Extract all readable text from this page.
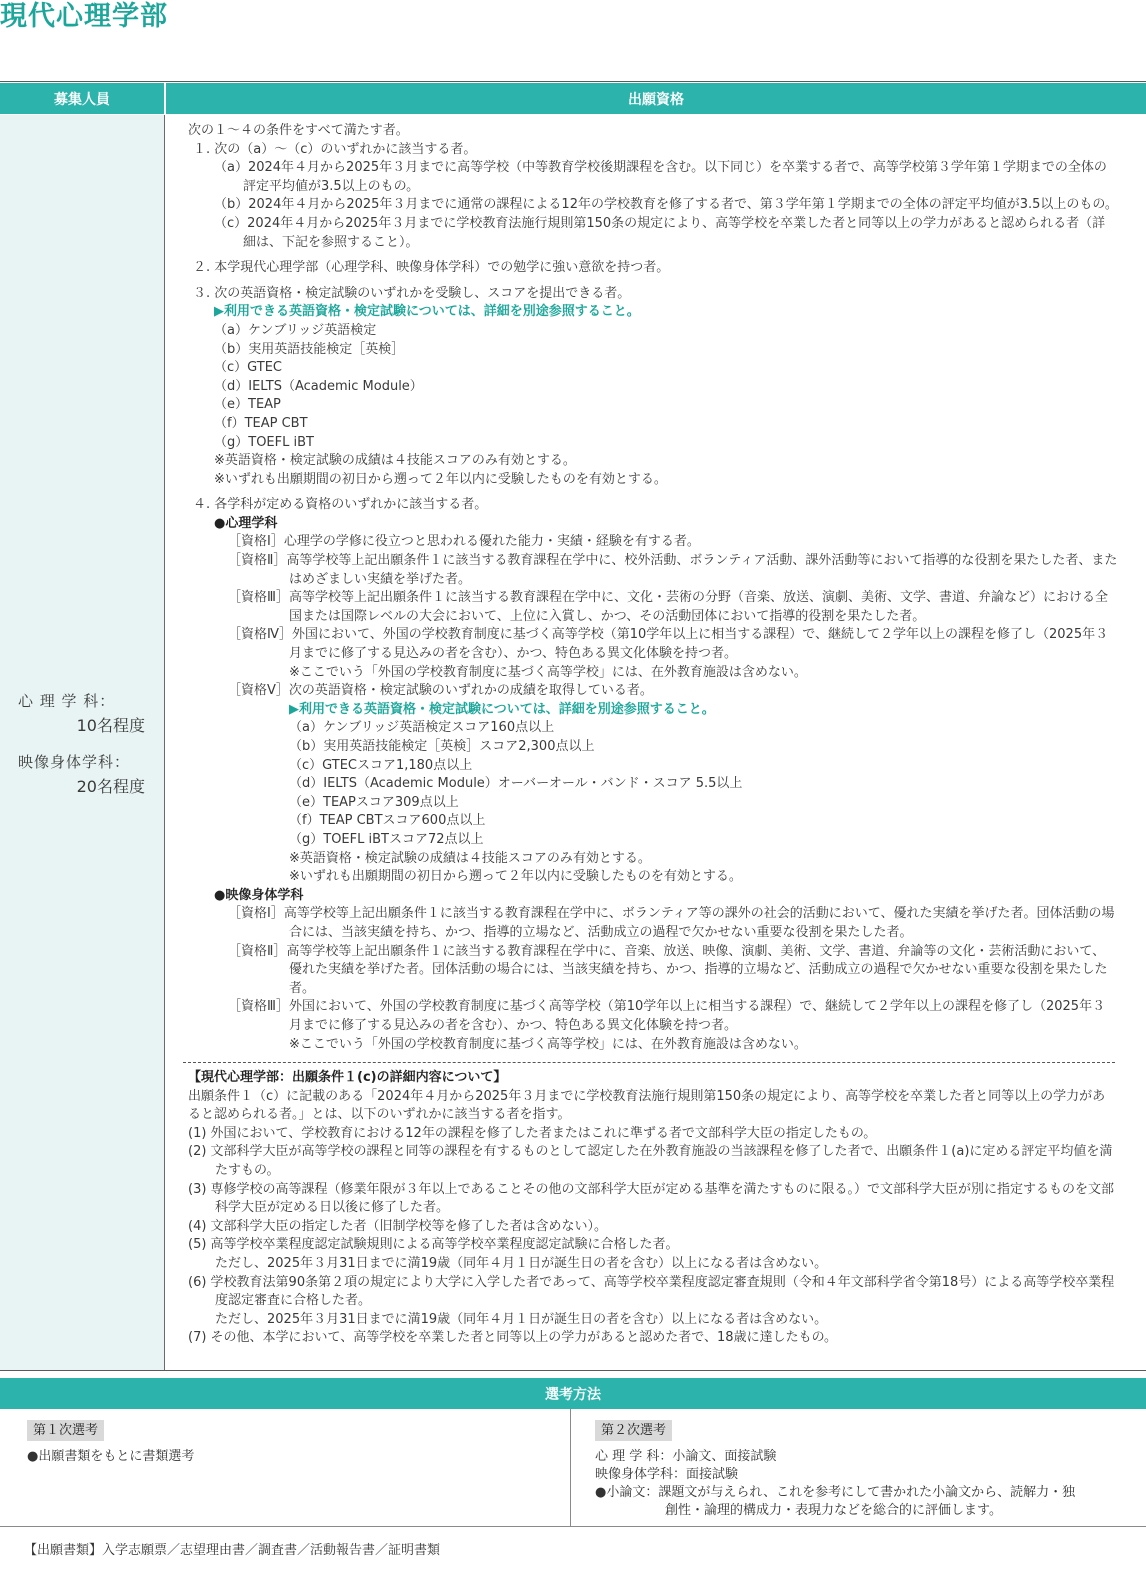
現代心理学部
募集人員	出願資格
心 理 学 科：
10名程度
映像身体学科：
20名程度

次の１～４の条件をすべて満たす者。

１. 次の（a）～（c）のいずれかに該当する者。

（a）2024年４月から2025年３月までに高等学校（中等教育学校後期課程を含む。以下同じ）を卒業する者で、高等学校第３学年第１学期までの全体の評定平均値が3.5以上のもの。

（b）2024年４月から2025年３月までに通常の課程による12年の学校教育を修了する者で、第３学年第１学期までの全体の評定平均値が3.5以上のもの。

（c）2024年４月から2025年３月までに学校教育法施行規則第150条の規定により、高等学校を卒業した者と同等以上の学力があると認められる者（詳細は、下記を参照すること）。

２. 本学現代心理学部（心理学科、映像身体学科）での勉学に強い意欲を持つ者。

３. 次の英語資格・検定試験のいずれかを受験し、スコアを提出できる者。

▶利用できる英語資格・検定試験については、詳細を別途参照すること。

（a）ケンブリッジ英語検定

（b）実用英語技能検定［英検］

（c）GTEC

（d）IELTS（Academic Module）

（e）TEAP

（f）TEAP CBT

（g）TOEFL iBT

※英語資格・検定試験の成績は４技能スコアのみ有効とする。

※いずれも出願期間の初日から遡って２年以内に受験したものを有効とする。

４. 各学科が定める資格のいずれかに該当する者。

●心理学科

［資格Ⅰ］心理学の学修に役立つと思われる優れた能力・実績・経験を有する者。

［資格Ⅱ］高等学校等上記出願条件１に該当する教育課程在学中に、校外活動、ボランティア活動、課外活動等において指導的な役割を果たした者、またはめざましい実績を挙げた者。

［資格Ⅲ］高等学校等上記出願条件１に該当する教育課程在学中に、文化・芸術の分野（音楽、放送、演劇、美術、文学、書道、弁論など）における全国または国際レベルの大会において、上位に入賞し、かつ、その活動団体において指導的役割を果たした者。

［資格Ⅳ］外国において、外国の学校教育制度に基づく高等学校（第10学年以上に相当する課程）で、継続して２学年以上の課程を修了し（2025年３月までに修了する見込みの者を含む）、かつ、特色ある異文化体験を持つ者。

※ここでいう「外国の学校教育制度に基づく高等学校」には、在外教育施設は含めない。

［資格Ⅴ］次の英語資格・検定試験のいずれかの成績を取得している者。

▶利用できる英語資格・検定試験については、詳細を別途参照すること。

（a）ケンブリッジ英語検定スコア160点以上

（b）実用英語技能検定［英検］スコア2,300点以上

（c）GTECスコア1,180点以上

（d）IELTS（Academic Module）オーバーオール・バンド・スコア 5.5以上

（e）TEAPスコア309点以上

（f）TEAP CBTスコア600点以上

（g）TOEFL iBTスコア72点以上

※英語資格・検定試験の成績は４技能スコアのみ有効とする。

※いずれも出願期間の初日から遡って２年以内に受験したものを有効とする。

●映像身体学科

［資格Ⅰ］高等学校等上記出願条件１に該当する教育課程在学中に、ボランティア等の課外の社会的活動において、優れた実績を挙げた者。団体活動の場合には、当該実績を持ち、かつ、指導的立場など、活動成立の過程で欠かせない重要な役割を果たした者。

［資格Ⅱ］高等学校等上記出願条件１に該当する教育課程在学中に、音楽、放送、映像、演劇、美術、文学、書道、弁論等の文化・芸術活動において、優れた実績を挙げた者。団体活動の場合には、当該実績を持ち、かつ、指導的立場など、活動成立の過程で欠かせない重要な役割を果たした者。

［資格Ⅲ］外国において、外国の学校教育制度に基づく高等学校（第10学年以上に相当する課程）で、継続して２学年以上の課程を修了し（2025年３月までに修了する見込みの者を含む）、かつ、特色ある異文化体験を持つ者。

※ここでいう「外国の学校教育制度に基づく高等学校」には、在外教育施設は含めない。

【現代心理学部：出願条件１(c)の詳細内容について】

出願条件１（c）に記載のある「2024年４月から2025年３月までに学校教育法施行規則第150条の規定により、高等学校を卒業した者と同等以上の学力があると認められる者。」とは、以下のいずれかに該当する者を指す。

(1) 外国において、学校教育における12年の課程を修了した者またはこれに準ずる者で文部科学大臣の指定したもの。

(2) 文部科学大臣が高等学校の課程と同等の課程を有するものとして認定した在外教育施設の当該課程を修了した者で、出願条件１(a)に定める評定平均値を満たすもの。

(3) 専修学校の高等課程（修業年限が３年以上であることその他の文部科学大臣が定める基準を満たすものに限る。）で文部科学大臣が別に指定するものを文部科学大臣が定める日以後に修了した者。

(4) 文部科学大臣の指定した者（旧制学校等を修了した者は含めない）。

(5) 高等学校卒業程度認定試験規則による高等学校卒業程度認定試験に合格した者。

ただし、2025年３月31日までに満19歳（同年４月１日が誕生日の者を含む）以上になる者は含めない。

(6) 学校教育法第90条第２項の規定により大学に入学した者であって、高等学校卒業程度認定審査規則（令和４年文部科学省令第18号）による高等学校卒業程度認定審査に合格した者。

ただし、2025年３月31日までに満19歳（同年４月１日が誕生日の者を含む）以上になる者は含めない。

(7) その他、本学において、高等学校を卒業した者と同等以上の学力があると認めた者で、18歳に達したもの。

選考方法
第１次選考

●出願書類をもとに書類選考

第２次選考

心 理 学 科：小論文、面接試験

映像身体学科：面接試験

●小論文：課題文が与えられ、これを参考にして書かれた小論文から、読解力・独

創性・論理的構成力・表現力などを総合的に評価します。

【出願書類】入学志願票／志望理由書／調査書／活動報告書／証明書類
